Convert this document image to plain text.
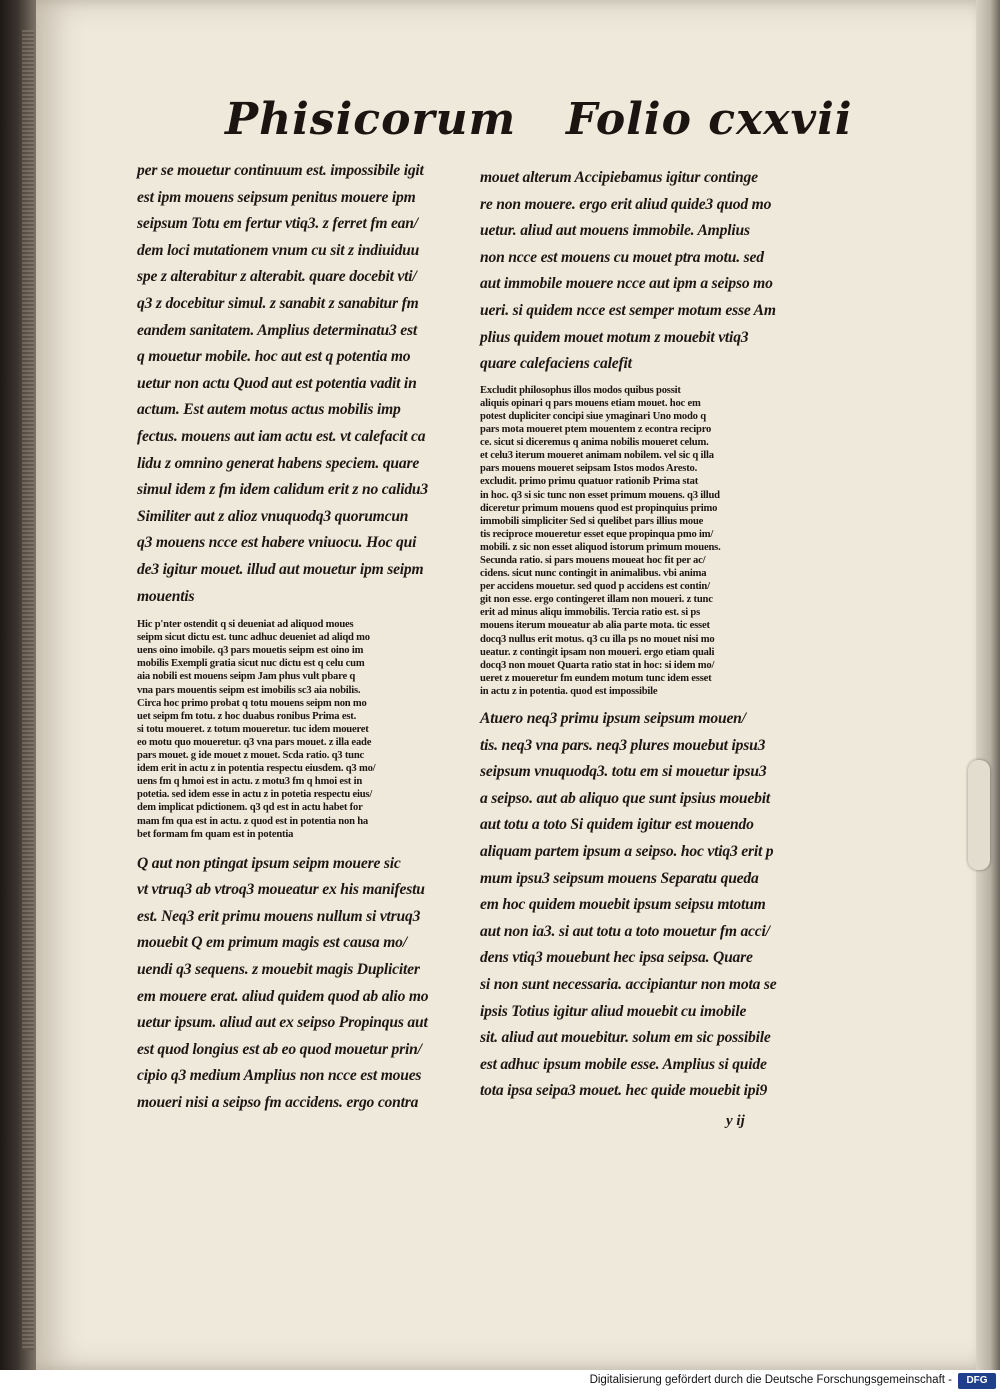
Phisicorum Folio cxxvii
per se mouetur continuum est. impossibile igit
est ipm mouens seipsum penitus mouere ipm
seipsum Totu em fertur vtiq3. z ferret fm ean/
dem loci mutationem vnum cu sit z indiuiduu
spe z alterabitur z alterabit. quare docebit vti/
q3 z docebitur simul. z sanabit z sanabitur fm
eandem sanitatem. Amplius determinatu3 est
q mouetur mobile. hoc aut est q potentia mo
uetur non actu Quod aut est potentia vadit in
actum. Est autem motus actus mobilis imp
fectus. mouens aut iam actu est. vt calefacit ca
lidu z omnino generat habens speciem. quare
simul idem z fm idem calidum erit z no calidu3
Similiter aut z alioz vnuquodq3 quorumcun
q3 mouens ncce est habere vniuocu. Hoc qui
de3 igitur mouet. illud aut mouetur ipm seipm
mouentis
Hic p'nter ostendit q si deueniat ad aliquod moues
seipm sicut dictu est. tunc adhuc deueniet ad aliqd mo
uens oino imobile. q3 pars mouetis seipm est oino im
mobilis Exempli gratia sicut nuc dictu est q celu cum
aia nobili est mouens seipm Jam phus vult pbare q
vna pars mouentis seipm est imobilis sc3 aia nobilis.
Circa hoc primo probat q totu mouens seipm non mo
uet seipm fm totu. z hoc duabus ronibus Prima est.
si totu moueret. z totum moueretur. tuc idem moueret
eo motu quo moueretur. q3 vna pars mouet. z illa eade
pars mouet. g ide mouet z mouet. Scda ratio. q3 tunc
idem erit in actu z in potentia respectu eiusdem. q3 mo/
uens fm q hmoi est in actu. z motu3 fm q hmoi est in
potetia. sed idem esse in actu z in potetia respectu eius/
dem implicat pdictionem. q3 qd est in actu habet for
mam fm qua est in actu. z quod est in potentia non ha
bet formam fm quam est in potentia
Q aut non ptingat ipsum seipm mouere sic
vt vtruq3 ab vtroq3 moueatur ex his manifestu
est. Neq3 erit primu mouens nullum si vtruq3
mouebit Q em primum magis est causa mo/
uendi q3 sequens. z mouebit magis Dupliciter
em mouere erat. aliud quidem quod ab alio mo
uetur ipsum. aliud aut ex seipso Propinqus aut
est quod longius est ab eo quod mouetur prin/
cipio q3 medium Amplius non ncce est moues
moueri nisi a seipso fm accidens. ergo contra
mouet alterum Accipiebamus igitur continge
re non mouere. ergo erit aliud quide3 quod mo
uetur. aliud aut mouens immobile. Amplius
non ncce est mouens cu mouet ptra motu. sed
aut immobile mouere ncce aut ipm a seipso mo
ueri. si quidem ncce est semper motum esse Am
plius quidem mouet motum z mouebit vtiq3
quare calefaciens calefit
Excludit philosophus illos modos quibus possit
aliquis opinari q pars mouens etiam mouet. hoc em
potest dupliciter concipi siue ymaginari Uno modo q
pars mota moueret ptem mouentem z econtra recipro
ce. sicut si diceremus q anima nobilis moueret celum.
et celu3 iterum moueret animam nobilem. vel sic q illa
pars mouens moueret seipsam Istos modos Aresto.
excludit. primo primu quatuor rationib Prima stat
in hoc. q3 si sic tunc non esset primum mouens. q3 illud
diceretur primum mouens quod est propinquius primo
immobili simpliciter Sed si quelibet pars illius moue
tis reciproce moueretur esset eque propinqua pmo im/
mobili. z sic non esset aliquod istorum primum mouens.
Secunda ratio. si pars mouens moueat hoc fit per ac/
cidens. sicut nunc contingit in animalibus. vbi anima
per accidens mouetur. sed quod p accidens est contin/
git non esse. ergo contingeret illam non moueri. z tunc
erit ad minus aliqu immobilis. Tercia ratio est. si ps
mouens iterum moueatur ab alia parte mota. tic esset
docq3 nullus erit motus. q3 cu illa ps no mouet nisi mo
ueatur. z contingit ipsam non moueri. ergo etiam quali
docq3 non mouet Quarta ratio stat in hoc: si idem mo/
ueret z moueretur fm eundem motum tunc idem esset
in actu z in potentia. quod est impossibile
Atuero neq3 primu ipsum seipsum mouen/
tis. neq3 vna pars. neq3 plures mouebut ipsu3
seipsum vnuquodq3. totu em si mouetur ipsu3
a seipso. aut ab aliquo que sunt ipsius mouebit
aut totu a toto Si quidem igitur est mouendo
aliquam partem ipsum a seipso. hoc vtiq3 erit p
mum ipsu3 seipsum mouens Separatu queda
em hoc quidem mouebit ipsum seipsu mtotum
aut non ia3. si aut totu a toto mouetur fm acci/
dens vtiq3 mouebunt hec ipsa seipsa. Quare
si non sunt necessaria. accipiantur non mota se
ipsis Totius igitur aliud mouebit cu imobile
sit. aliud aut mouebitur. solum em sic possibile
est adhuc ipsum mobile esse. Amplius si quide
tota ipsa seipa3 mouet. hec quide mouebit ipi9
y ij
Digitalisierung gefördert durch die Deutsche Forschungsgemeinschaft -	DFG
